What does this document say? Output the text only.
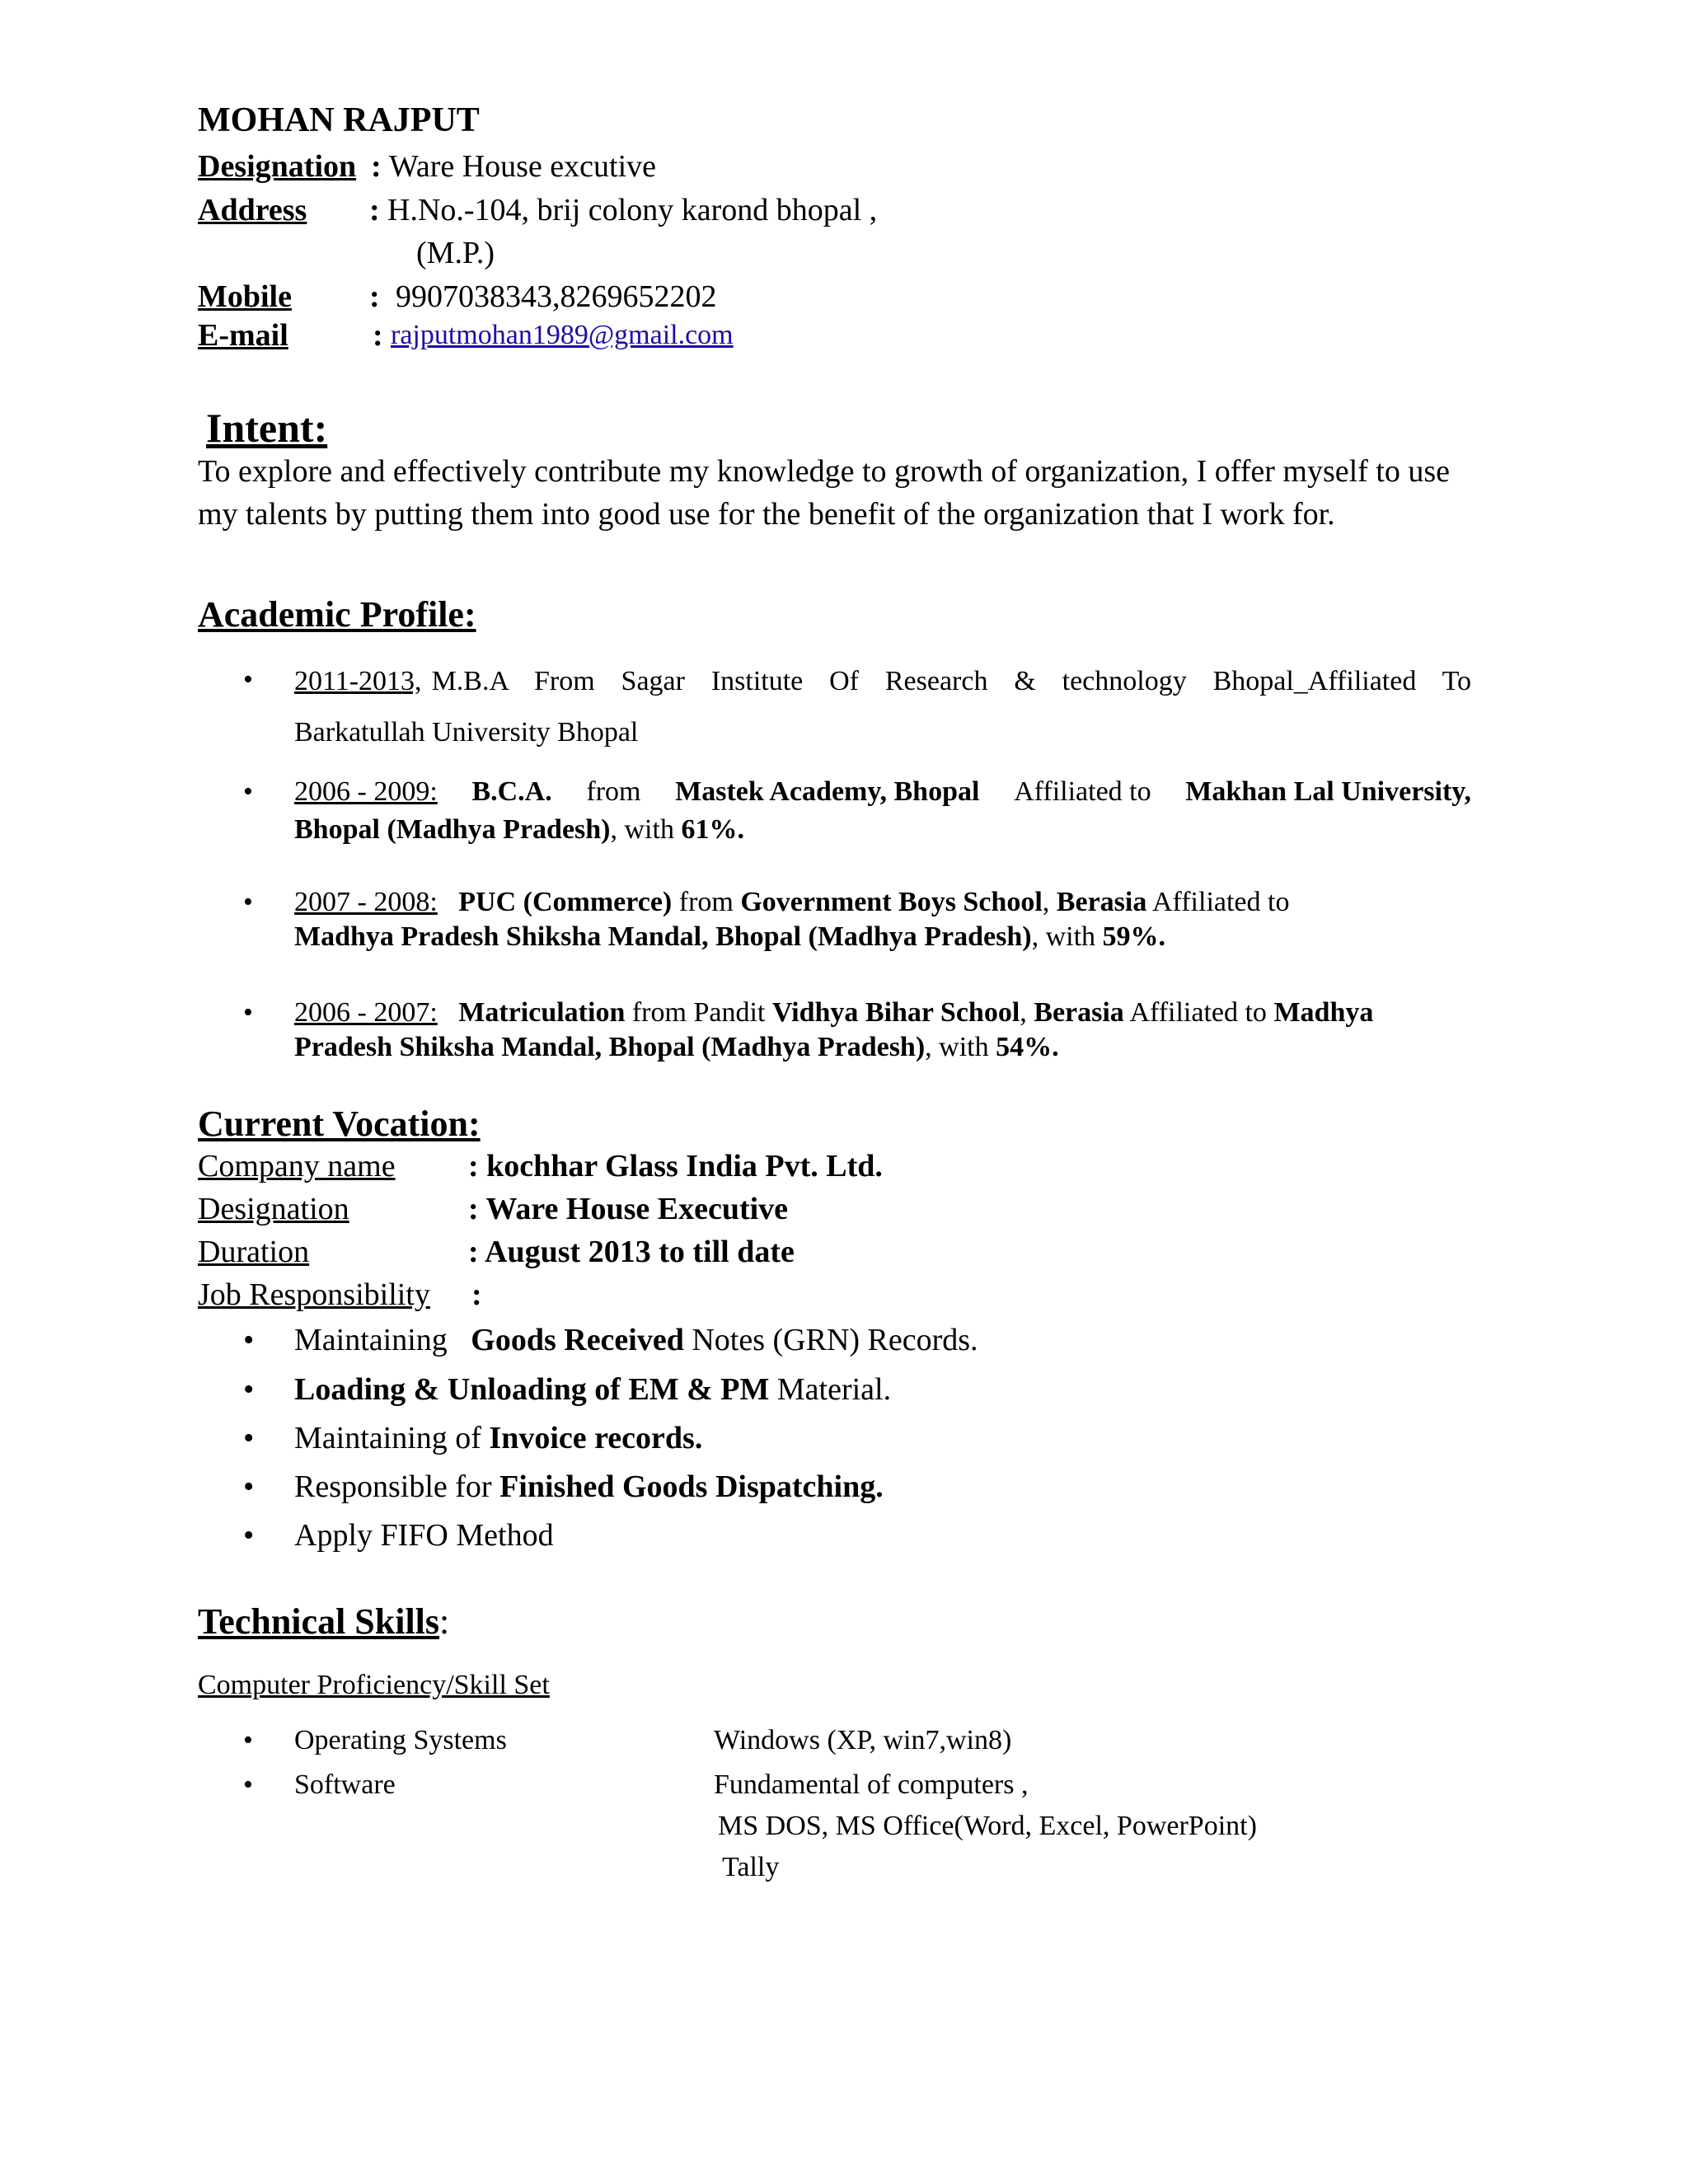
MOHAN RAJPUT
Designation : Ware House excutive
Address : H.No.-104, brij colony karond bhopal ,
(M.P.)
Mobile : 9907038343,8269652202
E-mail	: rajputmohan1989@gmail.com
Intent:
To explore and effectively contribute my knowledge to growth of organization, I offer myself to use my talents by putting them into good use for the benefit of the organization that I work for.
Academic Profile:
• 2011-2013, M.B.A From Sagar Institute Of Research & technology Bhopal_Affiliated To
Barkatullah University Bhopal
• 2006 - 2009: B.C.A. from Mastek Academy, Bhopal Affiliated to Makhan Lal University,
Bhopal (Madhya Pradesh), with 61%.
• 2007 - 2008: PUC (Commerce) from Government Boys School, Berasia Affiliated to
Madhya Pradesh Shiksha Mandal, Bhopal (Madhya Pradesh), with 59%.
• 2006 - 2007: Matriculation from Pandit Vidhya Bihar School, Berasia Affiliated to Madhya
Pradesh Shiksha Mandal, Bhopal (Madhya Pradesh), with 54%.
Current Vocation:
Company name : kochhar Glass India Pvt. Ltd.
Designation	: Ware House Executive
Duration	: August 2013 to till date
Job Responsibility :
• Maintaining Goods Received Notes (GRN) Records.
• Loading & Unloading of EM & PM Material.
• Maintaining of Invoice records.
• Responsible for Finished Goods Dispatching.
• Apply FIFO Method
Technical Skills:
Computer Proficiency/Skill Set
• Operating Systems	Windows (XP, win7,win8)
• Software	Fundamental of computers ,
MS DOS, MS Office(Word, Excel, PowerPoint)
Tally
